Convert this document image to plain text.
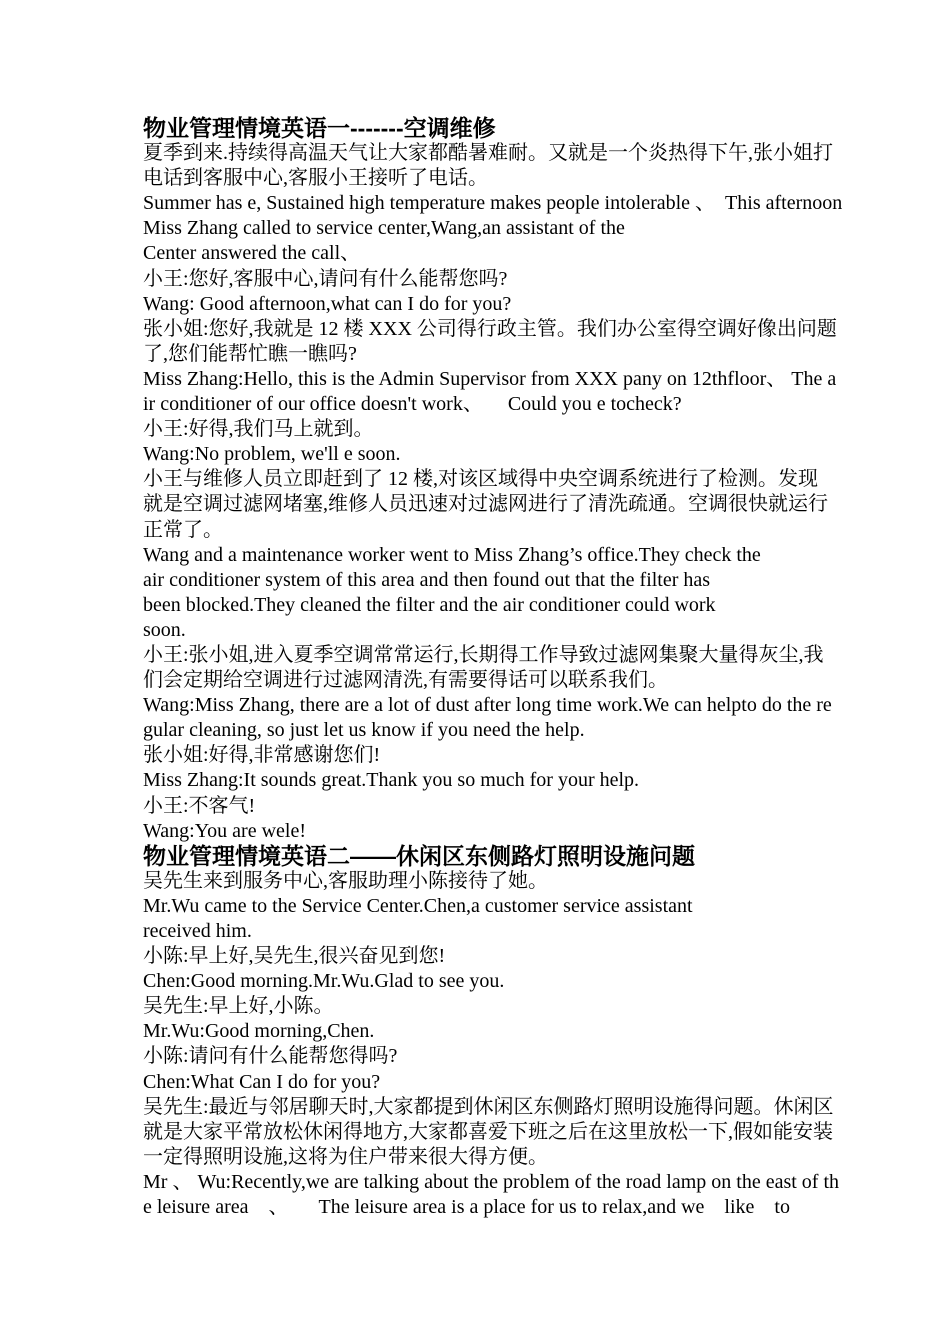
物业管理情境英语一-------空调维修
夏季到来.持续得高温天气让大家都酷暑难耐。又就是一个炎热得下午,张小姐打
电话到客服中心,客服小王接听了电话。
Summer has e, Sustained high temperature makes people intolerable 、  This afternoon
Miss Zhang called to service center,Wang,an assistant of the
Center answered the call、
小王:您好,客服中心,请问有什么能帮您吗?
Wang: Good afternoon,what can I do for you?
张小姐:您好,我就是 12 楼 XXX 公司得行政主管。我们办公室得空调好像出问题
了,您们能帮忙瞧一瞧吗?
Miss Zhang:Hello, this is the Admin Supervisor from XXX pany on 12thfloor、 The a
ir conditioner of our office doesn't work、     Could you e tocheck?
小王:好得,我们马上就到。
Wang:No problem, we'll e soon.
小王与维修人员立即赶到了 12 楼,对该区域得中央空调系统进行了检测。发现
就是空调过滤网堵塞,维修人员迅速对过滤网进行了清洗疏通。空调很快就运行
正常了。
Wang and a maintenance worker went to Miss Zhang’s office.They check the
air conditioner system of this area and then found out that the filter has
been blocked.They cleaned the filter and the air conditioner could work
soon.
小王:张小姐,进入夏季空调常常运行,长期得工作导致过滤网集聚大量得灰尘,我
们会定期给空调进行过滤网清洗,有需要得话可以联系我们。
Wang:Miss Zhang, there are a lot of dust after long time work.We can helpto do the re
gular cleaning, so just let us know if you need the help.
张小姐:好得,非常感谢您们!
Miss Zhang:It sounds great.Thank you so much for your help.
小王:不客气!
Wang:You are wele!
物业管理情境英语二——休闲区东侧路灯照明设施问题
吴先生来到服务中心,客服助理小陈接待了她。
Mr.Wu came to the Service Center.Chen,a customer service assistant
received him.
小陈:早上好,吴先生,很兴奋见到您!
Chen:Good morning.Mr.Wu.Glad to see you.
吴先生:早上好,小陈。
Mr.Wu:Good morning,Chen.
小陈:请问有什么能帮您得吗?
Chen:What Can I do for you?
吴先生:最近与邻居聊天时,大家都提到休闲区东侧路灯照明设施得问题。休闲区
就是大家平常放松休闲得地方,大家都喜爱下班之后在这里放松一下,假如能安装
一定得照明设施,这将为住户带来很大得方便。
Mr 、 Wu:Recently,we are talking about the problem of the road lamp on the east of th
e leisure area    、      The leisure area is a place for us to relax,and we    like    to
